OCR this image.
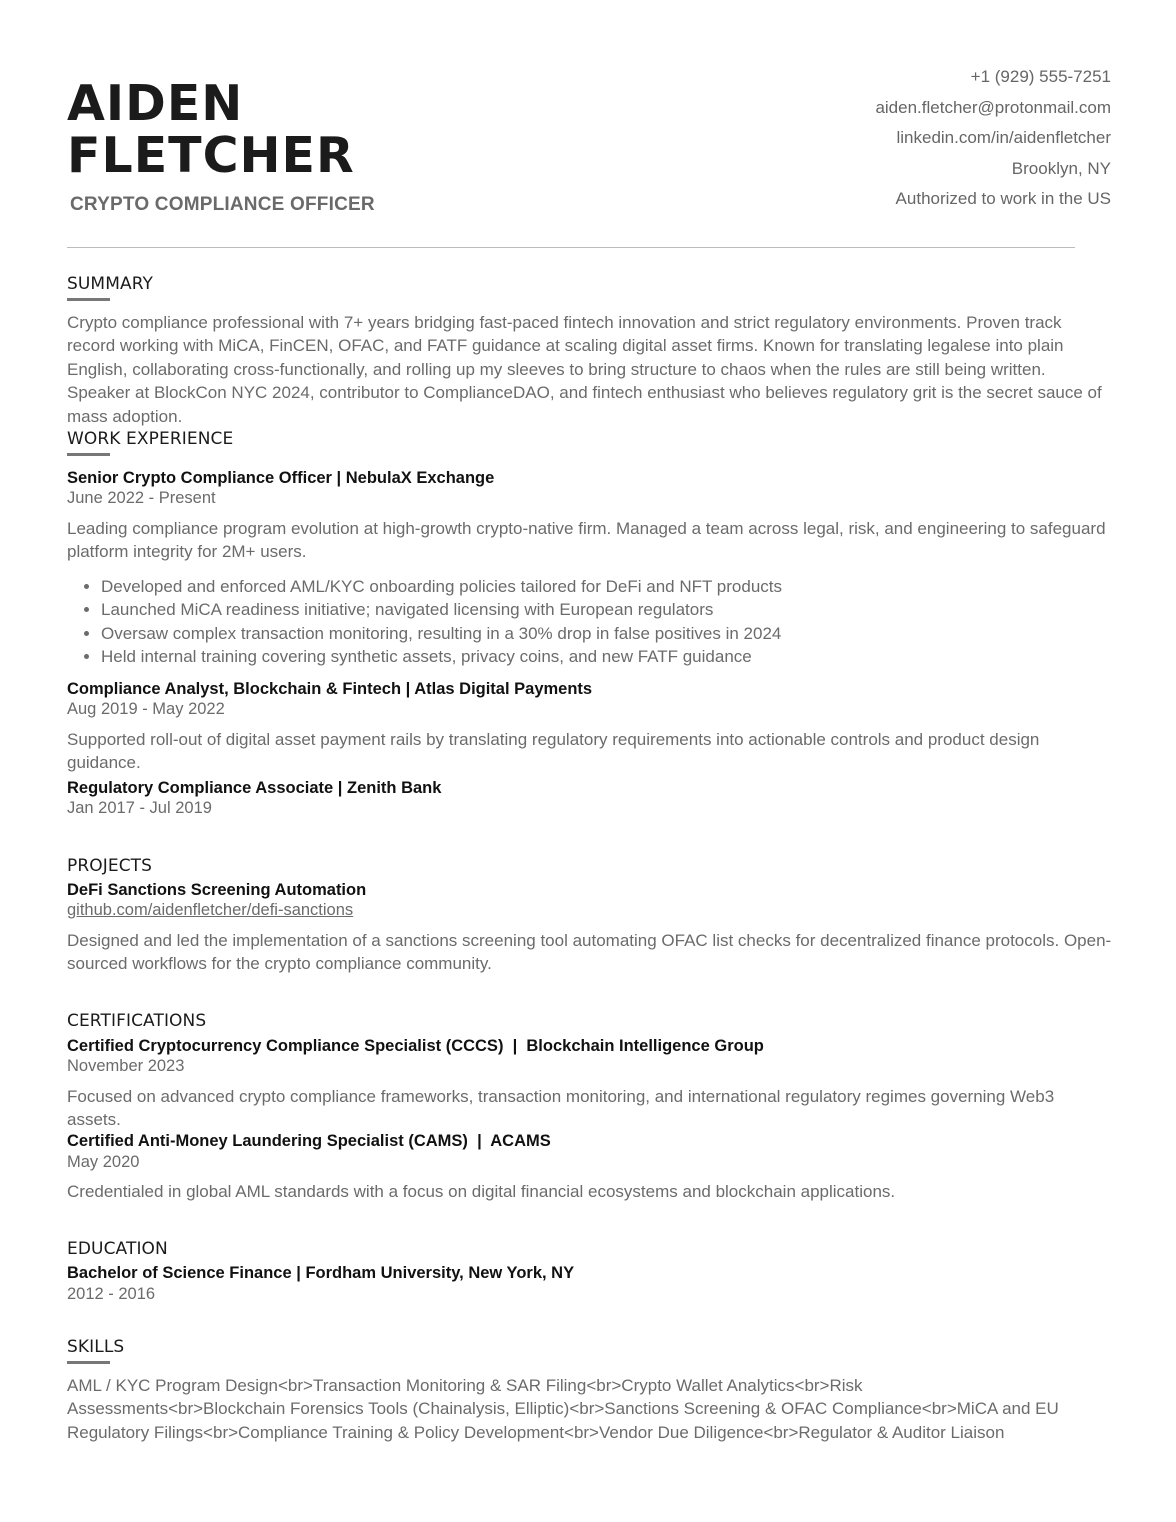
AIDEN
FLETCHER
CRYPTO COMPLIANCE OFFICER
+1 (929) 555-7251
aiden.fletcher@protonmail.com
linkedin.com/in/aidenfletcher
Brooklyn, NY
Authorized to work in the US
SUMMARY
Crypto compliance professional with 7+ years bridging fast-paced fintech innovation and strict regulatory environments. Proven track record working with MiCA, FinCEN, OFAC, and FATF guidance at scaling digital asset firms. Known for translating legalese into plain English, collaborating cross-functionally, and rolling up my sleeves to bring structure to chaos when the rules are still being written. Speaker at BlockCon NYC 2024, contributor to ComplianceDAO, and fintech enthusiast who believes regulatory grit is the secret sauce of mass adoption.
WORK EXPERIENCE
Senior Crypto Compliance Officer | NebulaX Exchange
June 2022 - Present
Leading compliance program evolution at high-growth crypto-native firm. Managed a team across legal, risk, and engineering to safeguard platform integrity for 2M+ users.
• Developed and enforced AML/KYC onboarding policies tailored for DeFi and NFT products
• Launched MiCA readiness initiative; navigated licensing with European regulators
• Oversaw complex transaction monitoring, resulting in a 30% drop in false positives in 2024
• Held internal training covering synthetic assets, privacy coins, and new FATF guidance
Compliance Analyst, Blockchain & Fintech | Atlas Digital Payments
Aug 2019 - May 2022
Supported roll-out of digital asset payment rails by translating regulatory requirements into actionable controls and product design guidance.
Regulatory Compliance Associate | Zenith Bank
Jan 2017 - Jul 2019
PROJECTS
DeFi Sanctions Screening Automation
github.com/aidenfletcher/defi-sanctions
Designed and led the implementation of a sanctions screening tool automating OFAC list checks for decentralized finance protocols. Open-sourced workflows for the crypto compliance community.
CERTIFICATIONS
Certified Cryptocurrency Compliance Specialist (CCCS)  |  Blockchain Intelligence Group
November 2023
Focused on advanced crypto compliance frameworks, transaction monitoring, and international regulatory regimes governing Web3 assets.
Certified Anti-Money Laundering Specialist (CAMS)  |  ACAMS
May 2020
Credentialed in global AML standards with a focus on digital financial ecosystems and blockchain applications.
EDUCATION
Bachelor of Science Finance | Fordham University, New York, NY
2012 - 2016
SKILLS
AML / KYC Program Design<br>Transaction Monitoring & SAR Filing<br>Crypto Wallet Analytics<br>Risk Assessments<br>Blockchain Forensics Tools (Chainalysis, Elliptic)<br>Sanctions Screening & OFAC Compliance<br>MiCA and EU Regulatory Filings<br>Compliance Training & Policy Development<br>Vendor Due Diligence<br>Regulator & Auditor Liaison
